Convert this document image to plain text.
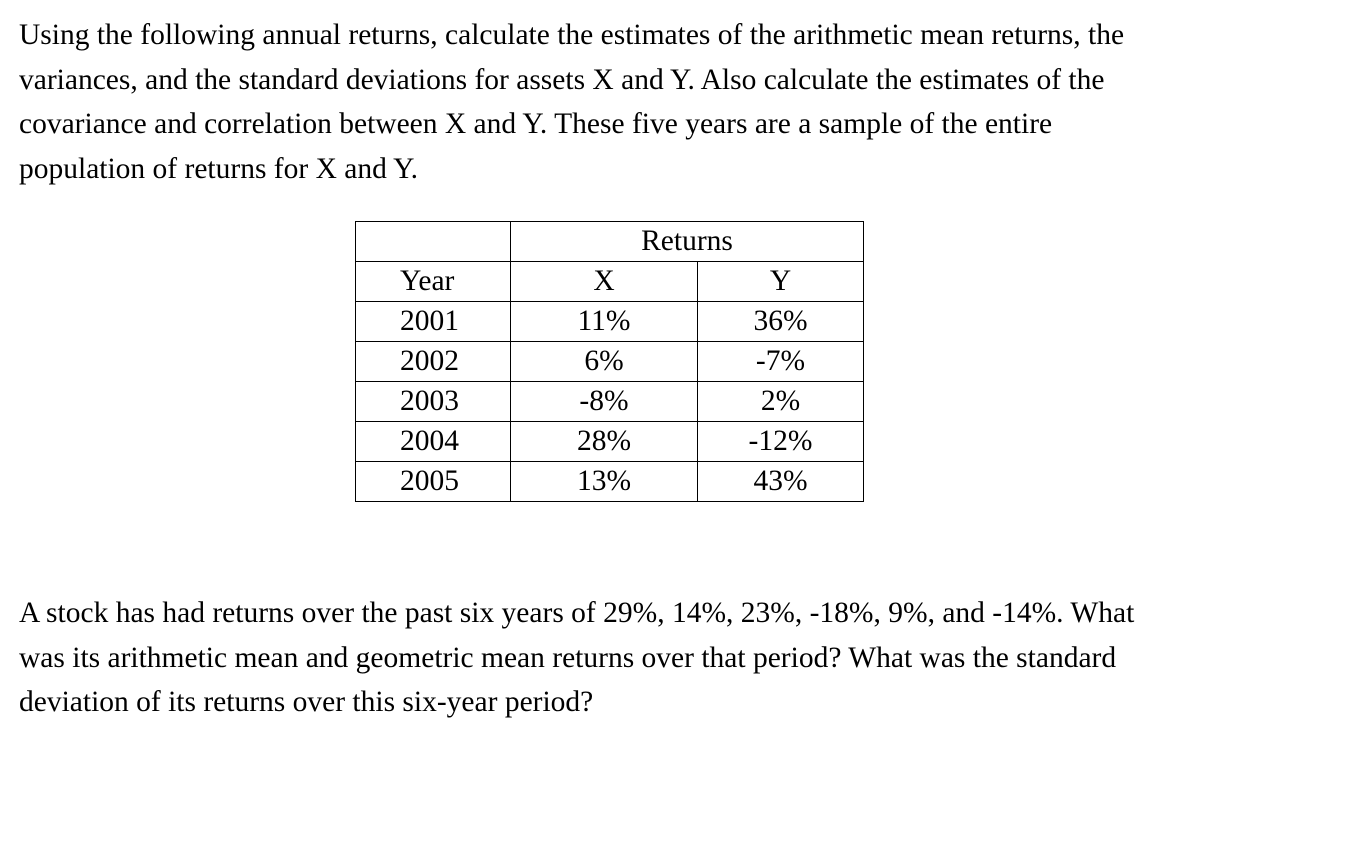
Using the following annual returns, calculate the estimates of the arithmetic mean returns, the
variances, and the standard deviations for assets X and Y. Also calculate the estimates of the
covariance and correlation between X and Y. These five years are a sample of the entire
population of returns for X and Y.
	Returns	
Year	X	Y
2001	11%	36%
2002	6%	-7%
2003	-8%	2%
2004	28%	-12%
2005	13%	43%
A stock has had returns over the past six years of 29%, 14%, 23%, -18%, 9%, and -14%. What
was its arithmetic mean and geometric mean returns over that period? What was the standard
deviation of its returns over this six-year period?
